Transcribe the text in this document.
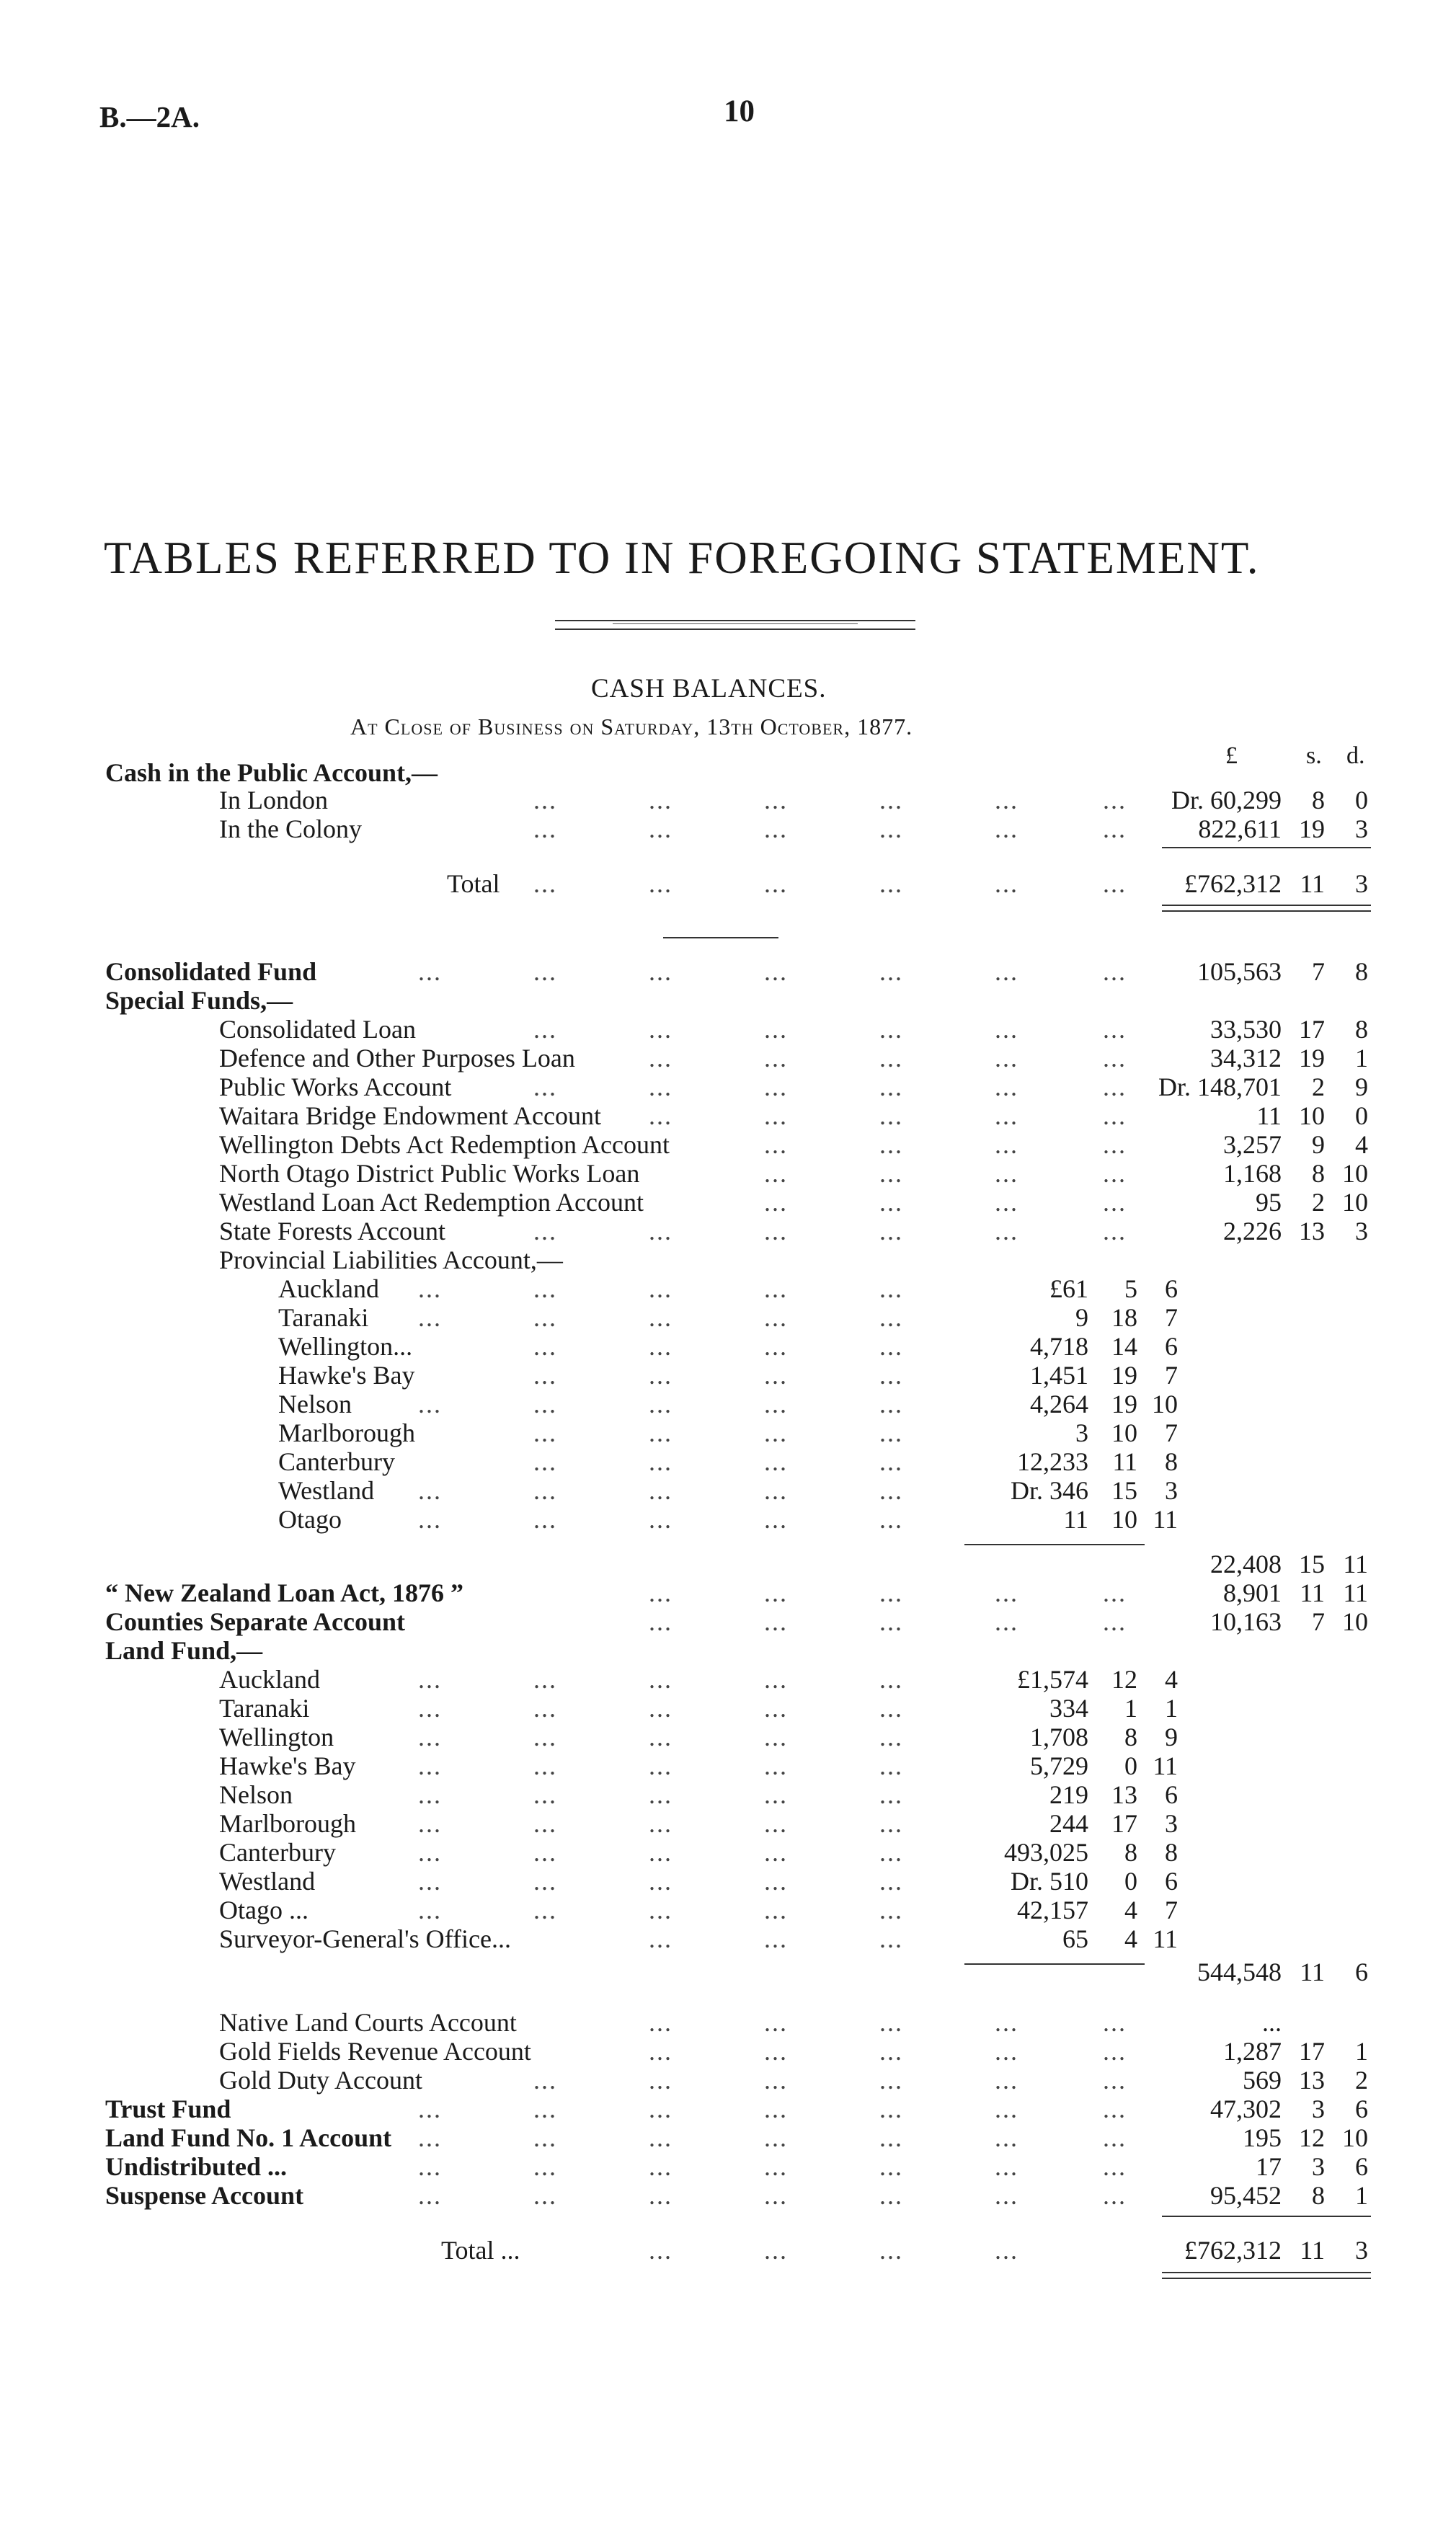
B.—2A.	10
TABLES REFERRED TO IN FOREGOING STATEMENT.
CASH BALANCES.
At Close of Business on Saturday, 13th October, 1877.
£	s. d.
Cash in the Public Account,—
In London	...	...	...	...	...	...	Dr. 60,299	8	0
In the Colony	...	...	...	...	...	...	822,611 19	3
Total ...	...	...	...	...	...	£762,312 11	3
Consolidated Fund	...	...	...	...	...	...	...	105,563	7	8
Special Funds,—
Consolidated Loan	...	...	...	...	...	...	33,530 17	8
Defence and Other Purposes Loan	...	...	...	...	...	34,312 19	1
Public Works Account	...	...	...	...	...	...	Dr. 148,701	2	9
Waitara Bridge Endowment Account ...	...	...	...	...	11 10	0
Wellington Debts Act Redemption Account	...	...	...	...	3,257	9	4
North Otago District Public Works Loan	...	...	...	...	1,168	8 10
Westland Loan Act Redemption Account	...	...	...	...	95	2 10
State Forests Account	...	...	...	...	...	...	2,226 13	3
Provincial Liabilities Account,—
Auckland ...	...	...	...	...	£61	5	6
Taranaki ...	...	...	...	...	9 18	7
Wellington...	...	...	...	...	4,718 14	6
Hawke's Bay	...	...	...	...	1,451 19	7
Nelson	...	...	...	...	...	4,264 19 10
Marlborough	...	...	...	...	3 10	7
Canterbury	...	...	...	...	12,233 11	8
Westland ...	...	...	...	...	Dr. 346 15	3
Otago	...	...	...	...	...	11 10 11
22,408 15 11
“ New Zealand Loan Act, 1876 ”	...	...	...	...	...	8,901 11 11
Counties Separate Account	...	...	...	...	...	10,163	7 10
Land Fund,—
Auckland	...	...	...	...	...	£1,574 12	4
Taranaki	...	...	...	...	...	334	1	1
Wellington	...	...	...	...	...	1,708	8	9
Hawke's Bay ...	...	...	...	...	5,729	0 11
Nelson	...	...	...	...	...	219 13	6
Marlborough ...	...	...	...	...	244 17	3
Canterbury	...	...	...	...	...	493,025	8	8
Westland	...	...	...	...	...	Dr. 510	0	6
Otago ...	...	...	...	...	...	42,157	4	7
Surveyor-General's Office...	...	...	...	65	4 11
544,548 11	6
Native Land Courts Account	...	...	...	...	...	...
Gold Fields Revenue Account	...	...	...	...	...	1,287 17	1
Gold Duty Account	...	...	...	...	...	...	569 13	2
Trust Fund	...	...	...	...	...	...	...	47,302	3	6
Land Fund No. 1 Account ...	...	...	...	...	...	...	195 12 10
Undistributed ...	...	...	...	...	...	...	...	17	3	6
Suspense Account	...	...	...	...	...	...	...	95,452	8	1
Total ...	...	...	...	...	£762,312 11	3
